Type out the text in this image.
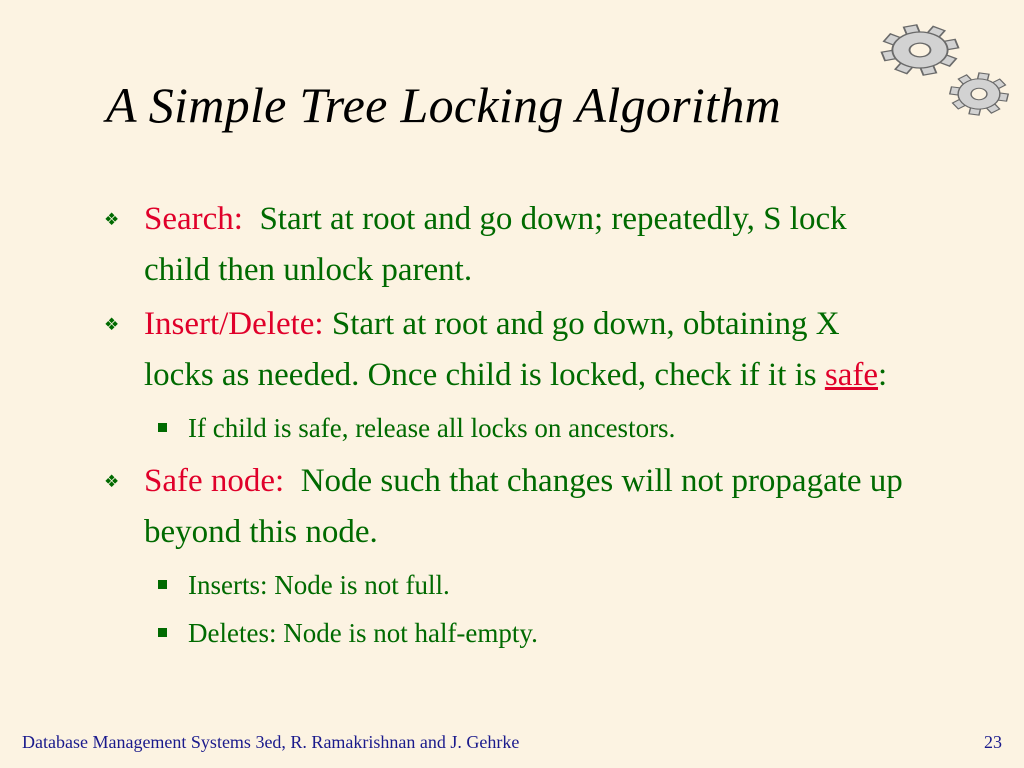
A Simple Tree Locking Algorithm
❖ Search: Start at root and go down; repeatedly, S lock child then unlock parent.
❖ Insert/Delete: Start at root and go down, obtaining X locks as needed. Once child is locked, check if it is safe:
If child is safe, release all locks on ancestors.
❖ Safe node: Node such that changes will not propagate up beyond this node.
Inserts: Node is not full.
Deletes: Node is not half-empty.
Database Management Systems 3ed, R. Ramakrishnan and J. Gehrke	23
